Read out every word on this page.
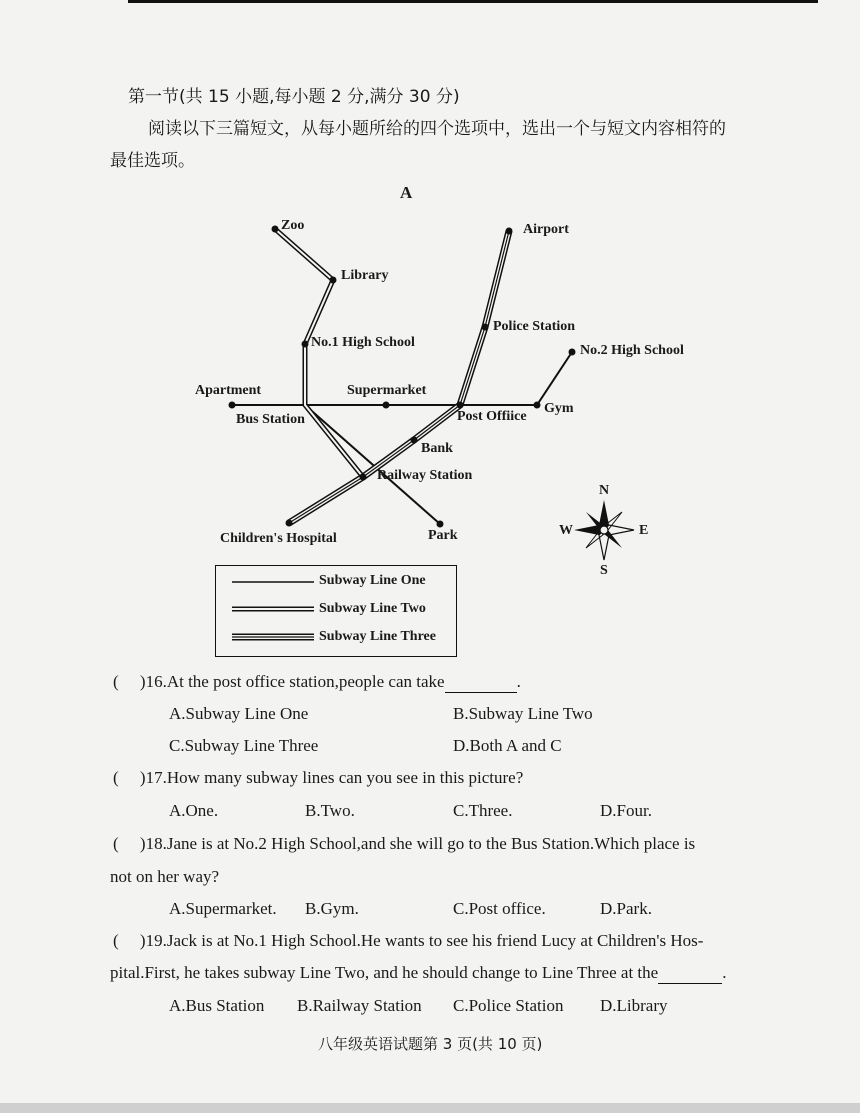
第一节(共 15 小题,每小题 2 分,满分 30 分)
阅读以下三篇短文，从每小题所给的四个选项中，选出一个与短文内容相符的
最佳选项。
A
Zoo
Library
No.1 High School
Airport
Police Station
No.2 High School
Apartment	Supermarket
Bus Station	Post Offiice
Gym
Bank
Railway Station
Children's Hospital	Park
N
S
E
W
Subway Line One
Subway Line Two
Subway Line Three
(     )16.At the post office station,people can take	.
A.Subway Line One	B.Subway Line Two
C.Subway Line Three	D.Both A and C
(     )17.How many subway lines can you see in this picture?
A.One.	B.Two.	C.Three.	D.Four.
(     )18.Jane is at No.2 High School,and she will go to the Bus Station.Which place is
not on her way?
A.Supermarket. B.Gym.	C.Post office.	D.Park.
(     )19.Jack is at No.1 High School.He wants to see his friend Lucy at Children's Hos-
pital.First, he takes subway Line Two, and he should change to Line Three at the	.
A.Bus Station B.Railway Station C.Police Station D.Library
八年级英语试题第 3 页(共 10 页)
